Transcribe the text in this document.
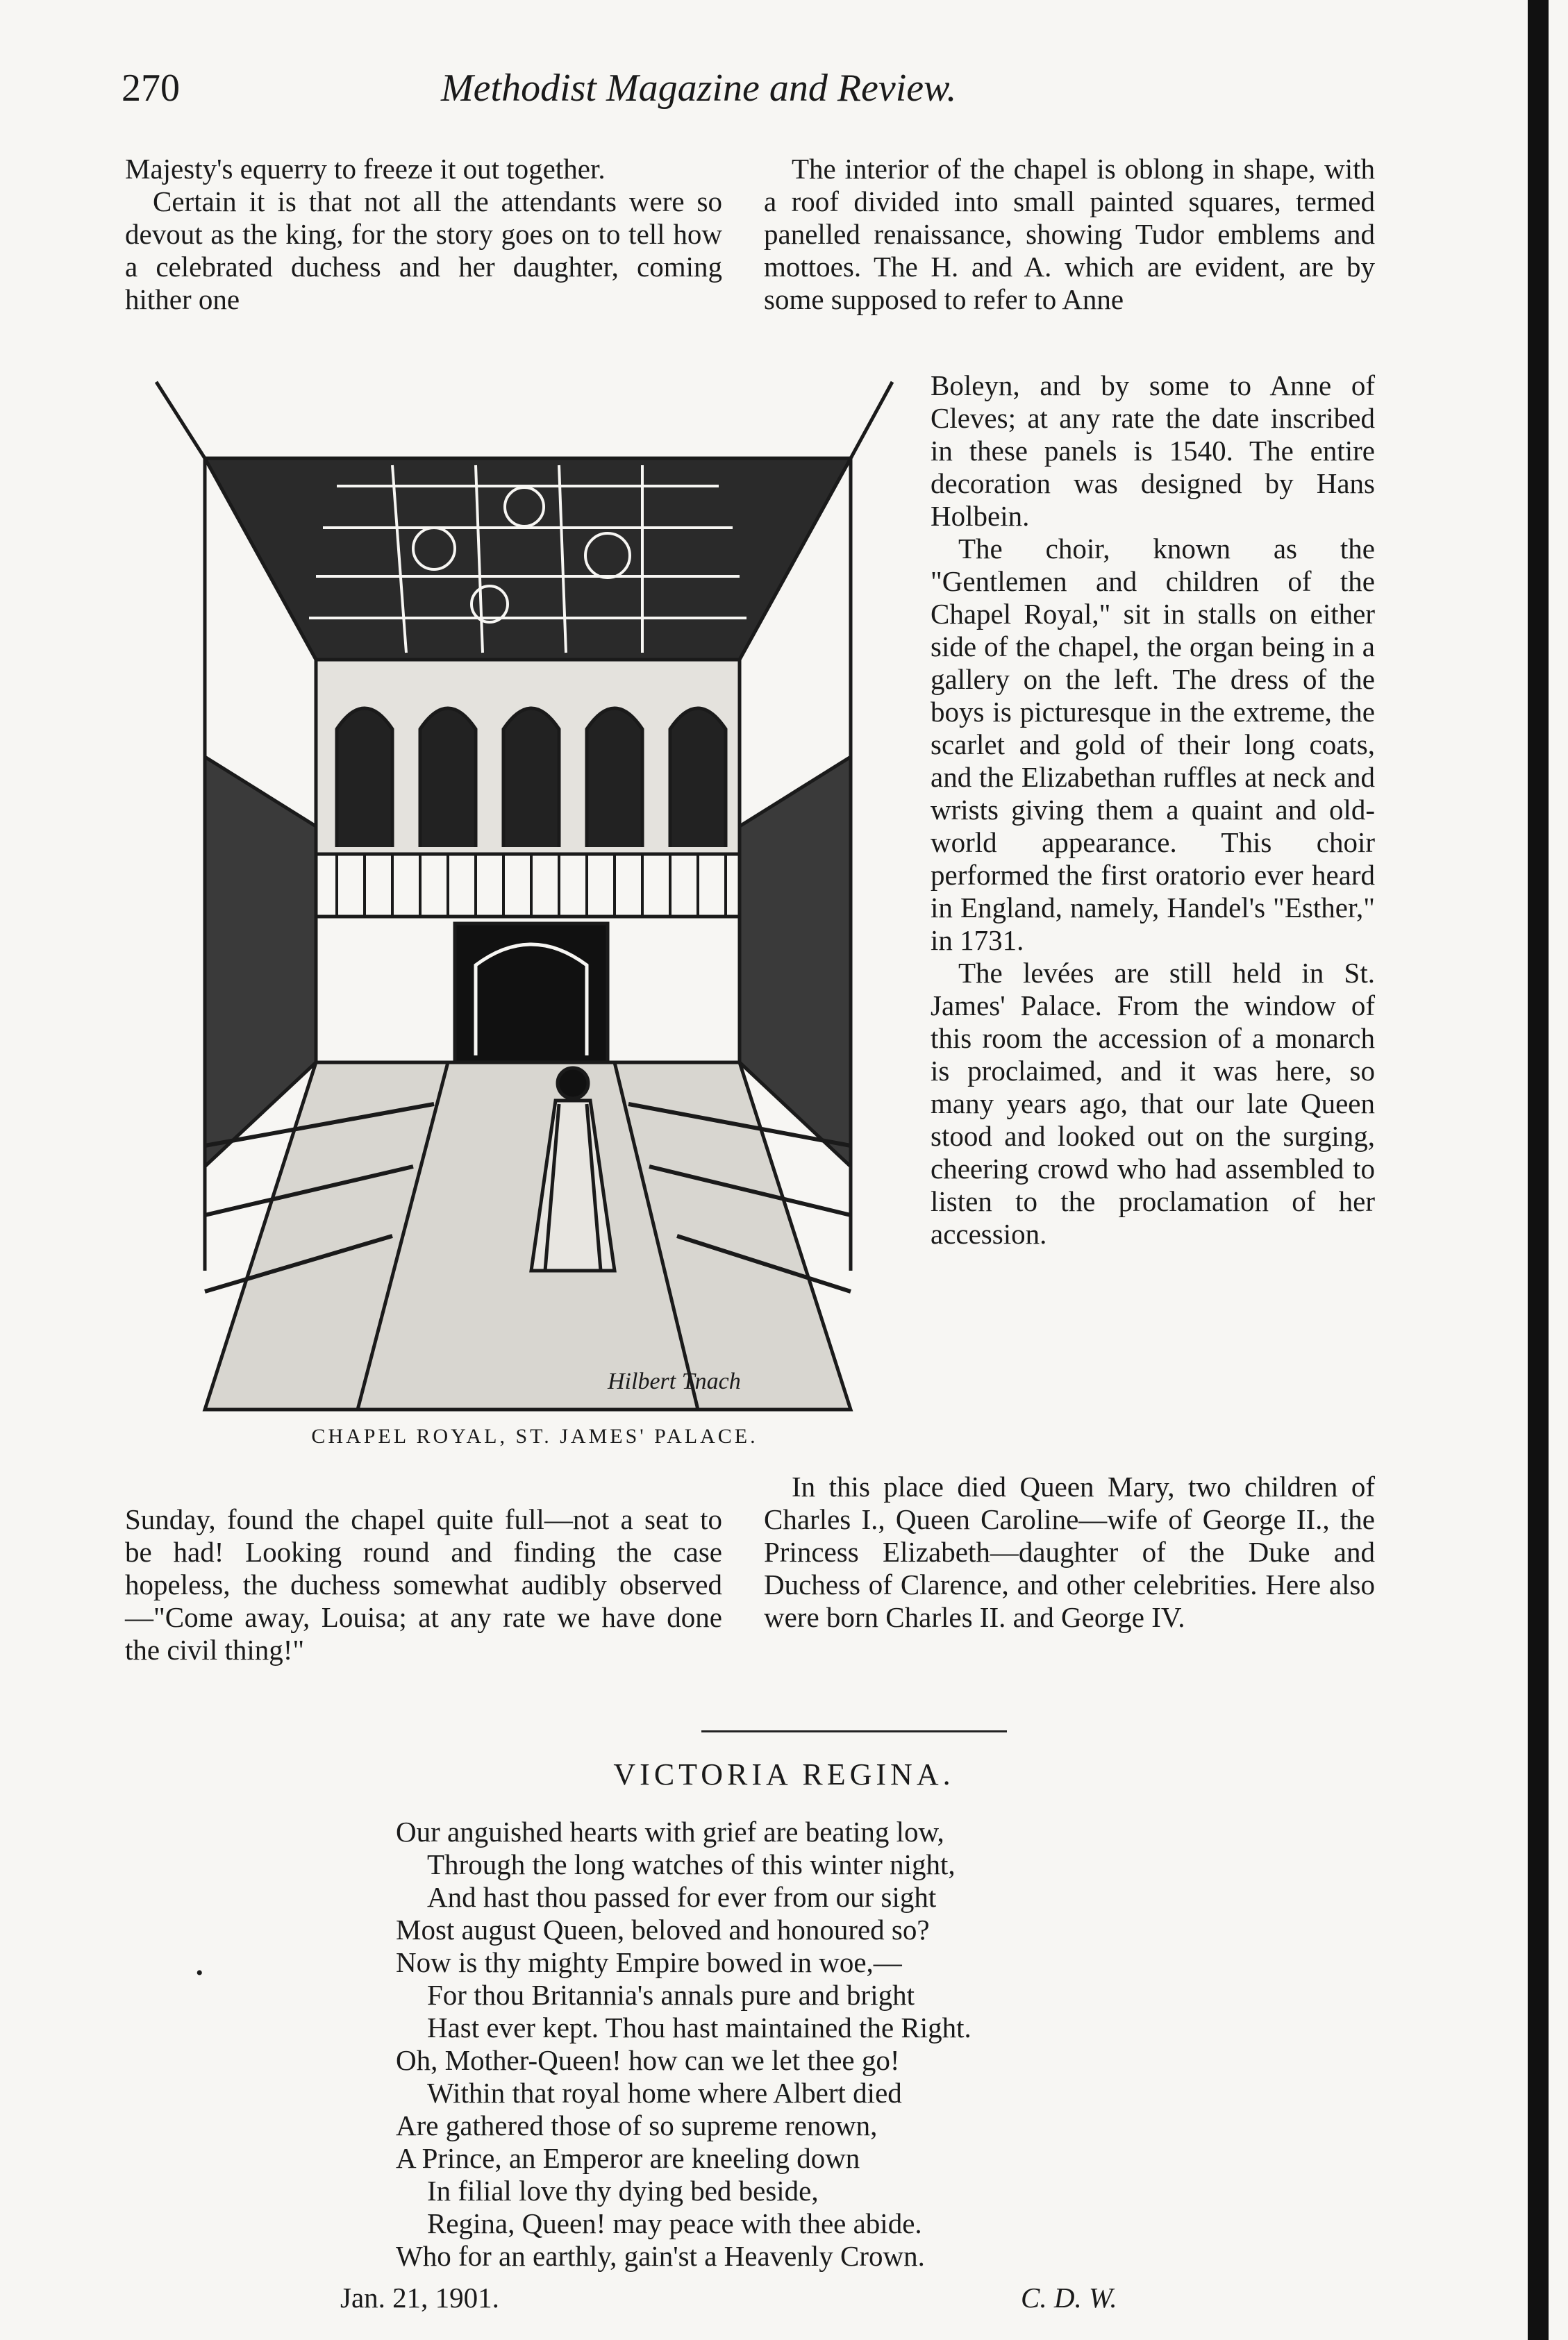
270	Methodist Magazine and Review.

Majesty's equerry to freeze it out together.

Certain it is that not all the attendants were so devout as the king, for the story goes on to tell how a celebrated duchess and her daughter, coming hither one

The interior of the chapel is oblong in shape, with a roof divided into small painted squares, termed panelled renaissance, showing Tudor emblems and mottoes. The H. and A. which are evident, are by some supposed to refer to Anne

Boleyn, and by some to Anne of Cleves; at any rate the date inscribed in these panels is 1540. The entire decoration was designed by Hans Holbein.

The choir, known as the "Gentlemen and children of the Chapel Royal," sit in stalls on either side of the chapel, the organ being in a gallery on the left. The dress of the boys is picturesque in the extreme, the scarlet and gold of their long coats, and the Elizabethan ruffles at neck and wrists giving them a quaint and old-world appearance. This choir performed the first oratorio ever heard in England, namely, Handel's "Esther," in 1731.

The levées are still held in St. James' Palace. From the window of this room the accession of a monarch is proclaimed, and it was here, so many years ago, that our late Queen stood and looked out on the surging, cheering crowd who had assembled to listen to the proclamation of her accession.

Hilbert Tnach
CHAPEL ROYAL, ST. JAMES' PALACE.

Sunday, found the chapel quite full—not a seat to be had! Looking round and finding the case hopeless, the duchess somewhat audibly observed—"Come away, Louisa; at any rate we have done the civil thing!"

In this place died Queen Mary, two children of Charles I., Queen Caroline—wife of George II., the Princess Elizabeth—daughter of the Duke and Duchess of Clarence, and other celebrities. Here also were born Charles II. and George IV.

VICTORIA REGINA.
Our anguished hearts with grief are beating low,
Through the long watches of this winter night,
And hast thou passed for ever from our sight
Most august Queen, beloved and honoured so?
Now is thy mighty Empire bowed in woe,—
For thou Britannia's annals pure and bright
Hast ever kept. Thou hast maintained the Right.
Oh, Mother-Queen! how can we let thee go!
Within that royal home where Albert died
Are gathered those of so supreme renown,
A Prince, an Emperor are kneeling down
In filial love thy dying bed beside,
Regina, Queen! may peace with thee abide.
Who for an earthly, gain'st a Heavenly Crown.
•
Jan. 21, 1901.	C. D. W.
